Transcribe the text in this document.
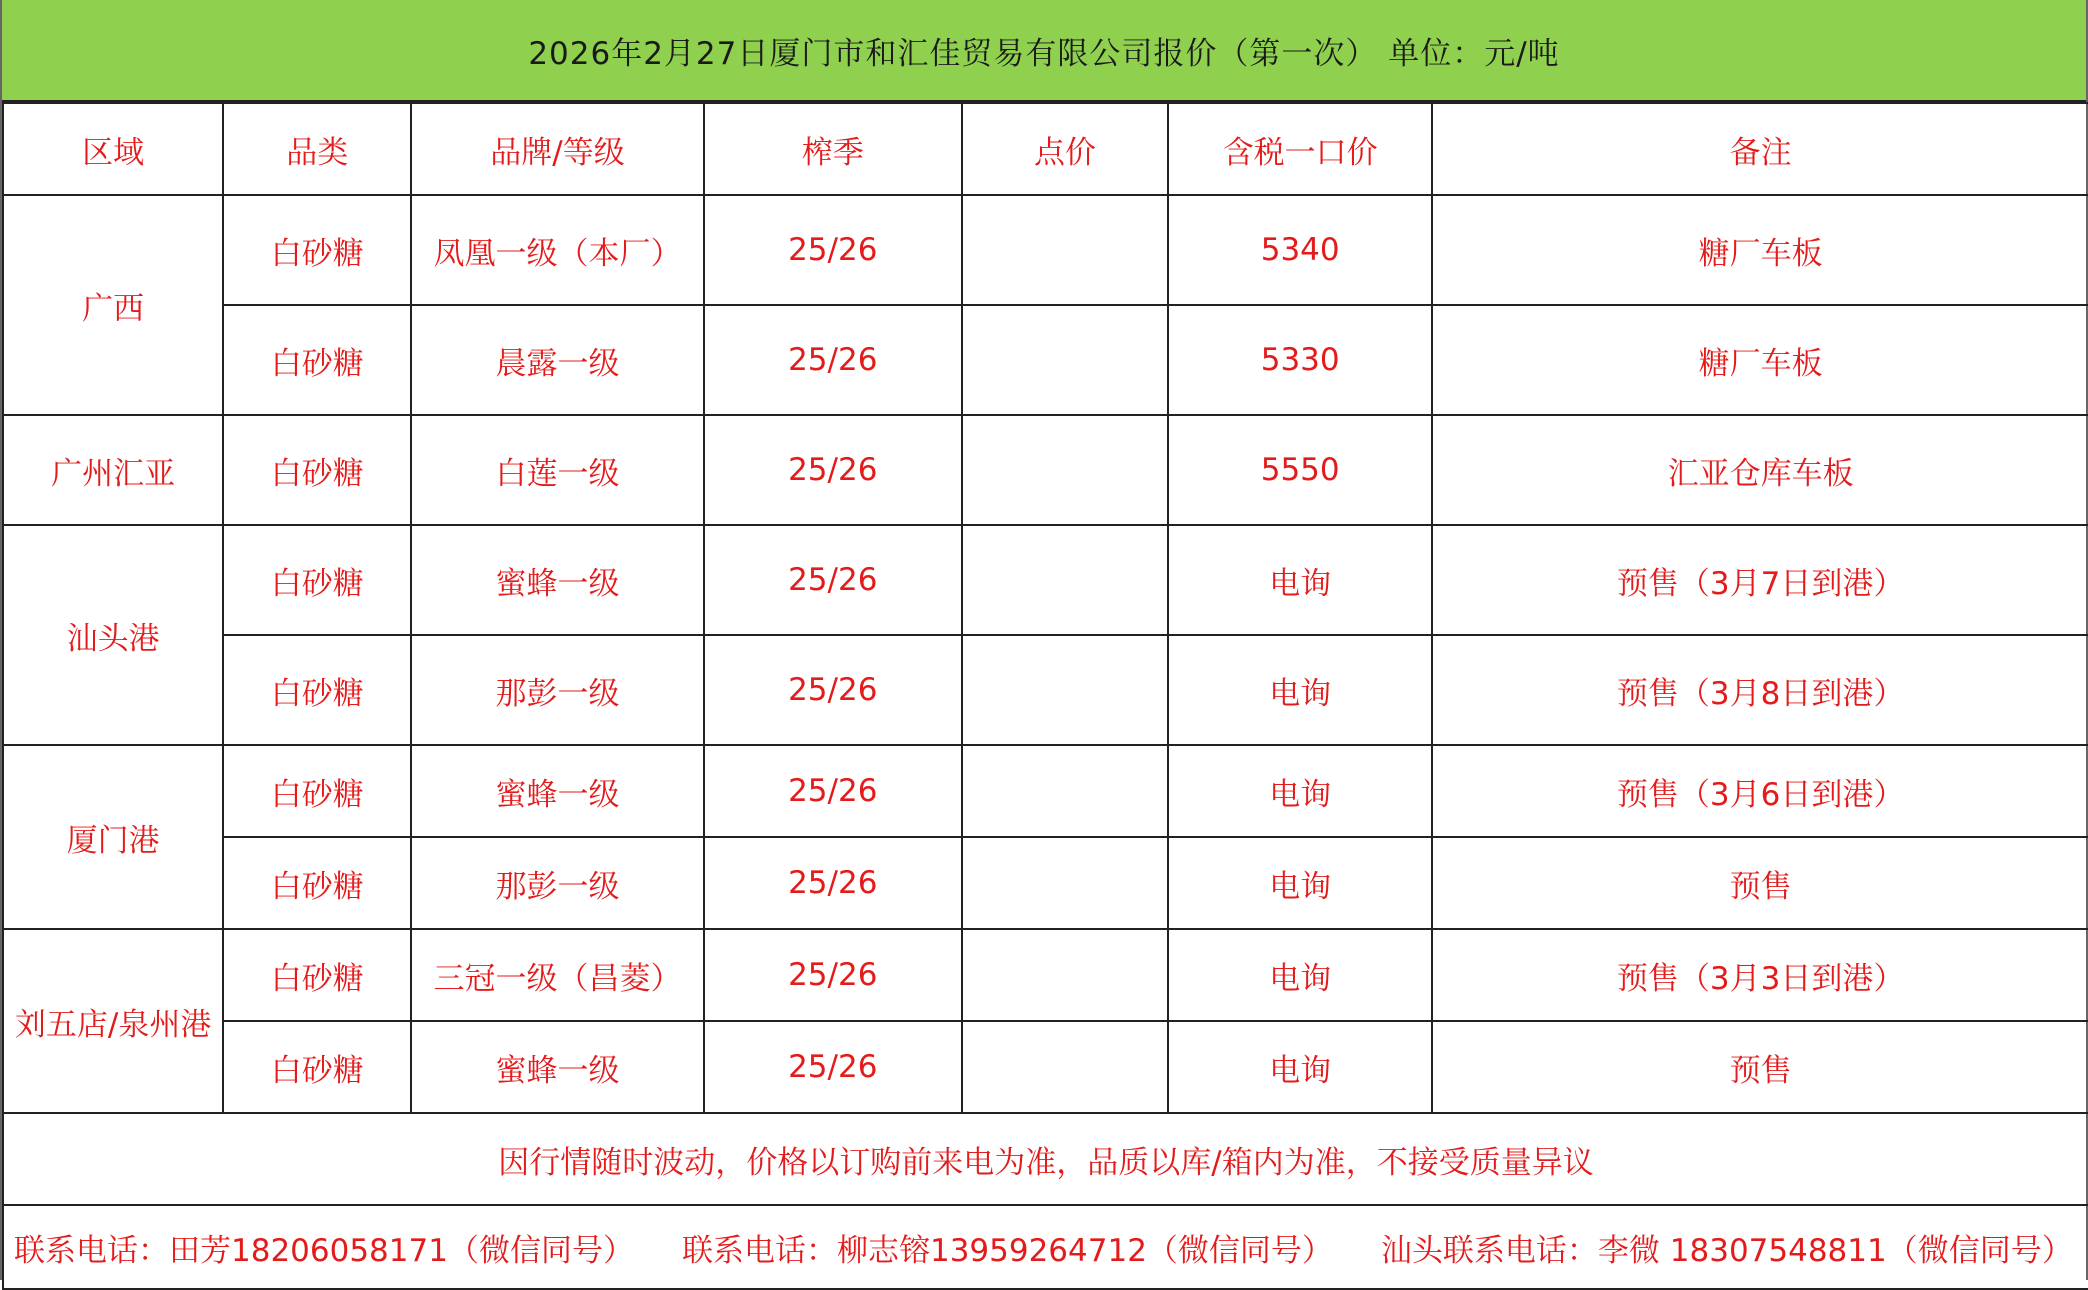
2026年2月27日厦门市和汇佳贸易有限公司报价（第一次） 单位：元/吨
区域	品类	品牌/等级	榨季	点价	含税一口价	备注
广西	白砂糖	凤凰一级（本厂）	25/26		5340	糖厂车板
	白砂糖	晨露一级	25/26		5330	糖厂车板
广州汇亚	白砂糖	白莲一级	25/26		5550	汇亚仓库车板
汕头港	白砂糖	蜜蜂一级	25/26		电询	预售（3月7日到港）
	白砂糖	那彭一级	25/26		电询	预售（3月8日到港）
厦门港	白砂糖	蜜蜂一级	25/26		电询	预售（3月6日到港）
	白砂糖	那彭一级	25/26		电询	预售
刘五店/泉州港	白砂糖	三冠一级（昌菱）	25/26		电询	预售（3月3日到港）
	白砂糖	蜜蜂一级	25/26		电询	预售
因行情随时波动，价格以订购前来电为准，品质以库/箱内为准，不接受质量异议						
联系电话：田芳18206058171（微信同号） 联系电话：柳志镕13959264712（微信同号） 汕头联系电话：李微 18307548811（微信同号）						
